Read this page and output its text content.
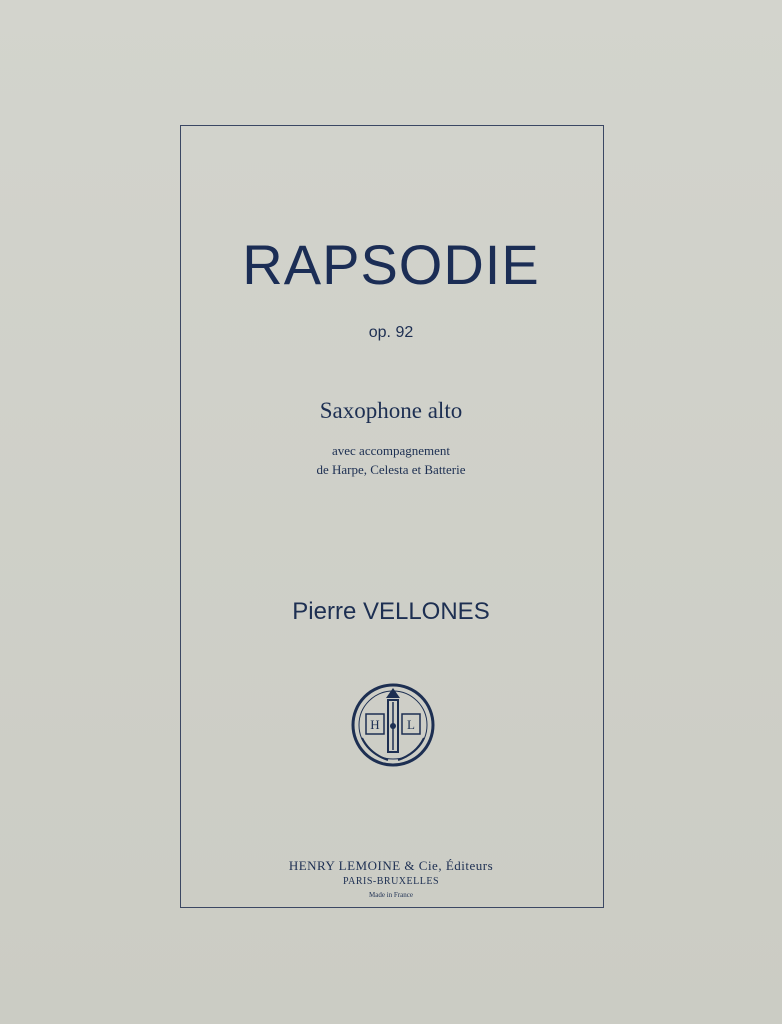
RAPSODIE
op. 92
Saxophone alto
avec accompagnement
de Harpe, Celesta et Batterie
Pierre VELLONES
H L
HENRY LEMOINE & Cie, Éditeurs
PARIS-BRUXELLES
Made in France
